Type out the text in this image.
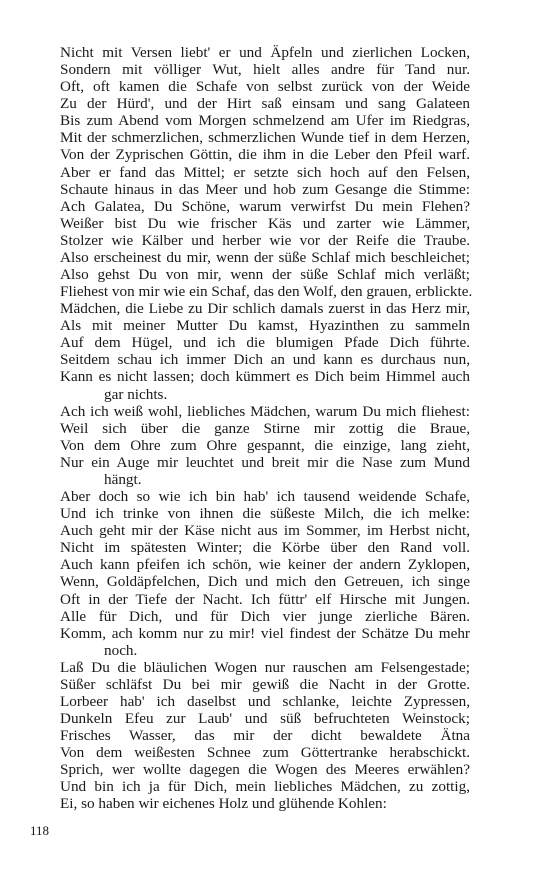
Nicht mit Versen liebt' er und Äpfeln und zierlichen Locken,
Sondern mit völliger Wut, hielt alles andre für Tand nur.
Oft, oft kamen die Schafe von selbst zurück von der Weide
Zu der Hürd', und der Hirt saß einsam und sang Galateen
Bis zum Abend vom Morgen schmelzend am Ufer im Riedgras,
Mit der schmerzlichen, schmerzlichen Wunde tief in dem Herzen,
Von der Zyprischen Göttin, die ihm in die Leber den Pfeil warf.
Aber er fand das Mittel; er setzte sich hoch auf den Felsen,
Schaute hinaus in das Meer und hob zum Gesange die Stimme:
Ach Galatea, Du Schöne, warum verwirfst Du mein Flehen?
Weißer bist Du wie frischer Käs und zarter wie Lämmer,
Stolzer wie Kälber und herber wie vor der Reife die Traube.
Also erscheinest du mir, wenn der süße Schlaf mich beschleichet;
Also gehst Du von mir, wenn der süße Schlaf mich verläßt;
Fliehest von mir wie ein Schaf, das den Wolf, den grauen, erblickte.
Mädchen, die Liebe zu Dir schlich damals zuerst in das Herz mir,
Als mit meiner Mutter Du kamst, Hyazinthen zu sammeln
Auf dem Hügel, und ich die blumigen Pfade Dich führte.
Seitdem schau ich immer Dich an und kann es durchaus nun,
Kann es nicht lassen; doch kümmert es Dich beim Himmel auch
gar nichts.
Ach ich weiß wohl, liebliches Mädchen, warum Du mich fliehest:
Weil sich über die ganze Stirne mir zottig die Braue,
Von dem Ohre zum Ohre gespannt, die einzige, lang zieht,
Nur ein Auge mir leuchtet und breit mir die Nase zum Mund
hängt.
Aber doch so wie ich bin hab' ich tausend weidende Schafe,
Und ich trinke von ihnen die süßeste Milch, die ich melke:
Auch geht mir der Käse nicht aus im Sommer, im Herbst nicht,
Nicht im spätesten Winter; die Körbe über den Rand voll.
Auch kann pfeifen ich schön, wie keiner der andern Zyklopen,
Wenn, Goldäpfelchen, Dich und mich den Getreuen, ich singe
Oft in der Tiefe der Nacht. Ich füttr' elf Hirsche mit Jungen.
Alle für Dich, und für Dich vier junge zierliche Bären.
Komm, ach komm nur zu mir! viel findest der Schätze Du mehr
noch.
Laß Du die bläulichen Wogen nur rauschen am Felsengestade;
Süßer schläfst Du bei mir gewiß die Nacht in der Grotte.
Lorbeer hab' ich daselbst und schlanke, leichte Zypressen,
Dunkeln Efeu zur Laub' und süß befruchteten Weinstock;
Frisches Wasser, das mir der dicht bewaldete Ätna
Von dem weißesten Schnee zum Göttertranke herabschickt.
Sprich, wer wollte dagegen die Wogen des Meeres erwählen?
Und bin ich ja für Dich, mein liebliches Mädchen, zu zottig,
Ei, so haben wir eichenes Holz und glühende Kohlen:
118
